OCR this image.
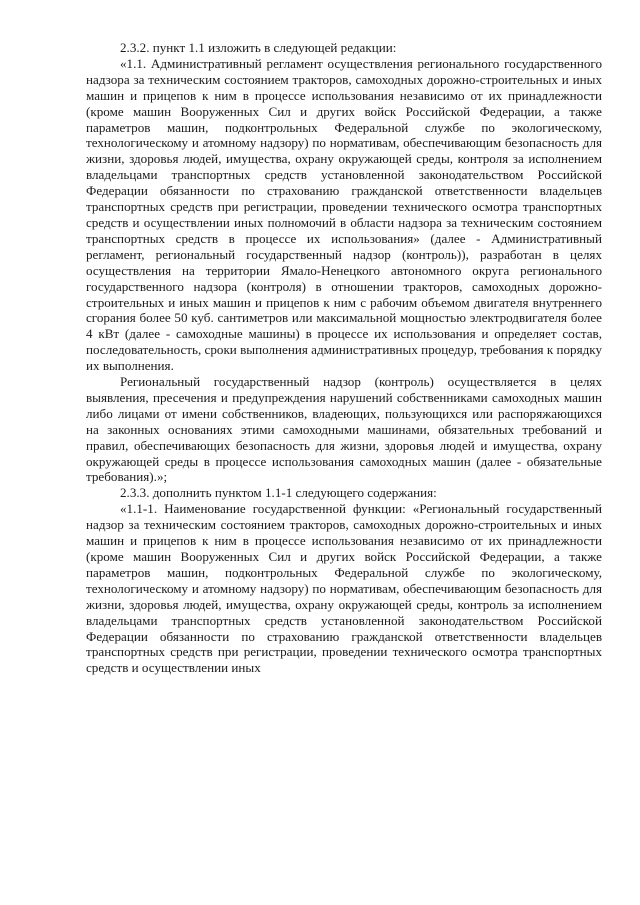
2.3.2. пункт 1.1 изложить в следующей редакции:

«1.1. Административный регламент осуществления регионального государственного надзора за техническим состоянием тракторов, самоходных дорожно-строительных и иных машин и прицепов к ним в процессе использования независимо от их принадлежности (кроме машин Вооруженных Сил и других войск Российской Федерации, а также параметров машин, подконтрольных Федеральной службе по экологическому, технологическому и атомному надзору) по нормативам, обеспечивающим безопасность для жизни, здоровья людей, имущества, охрану окружающей среды, контроля за исполнением владельцами транспортных средств установленной законодательством Российской Федерации обязанности по страхованию гражданской ответственности владельцев транспортных средств при регистрации, проведении технического осмотра транспортных средств и осуществлении иных полномочий в области надзора за техническим состоянием транспортных средств в процессе их использования» (далее - Административный регламент, региональный государственный надзор (контроль)), разработан в целях осуществления на территории Ямало-Ненецкого автономного округа регионального государственного надзора (контроля) в отношении тракторов, самоходных дорожно-строительных и иных машин и прицепов к ним с рабочим объемом двигателя внутреннего сгорания более 50 куб. сантиметров или максимальной мощностью электродвигателя более 4 кВт (далее - самоходные машины) в процессе их использования и определяет состав, последовательность, сроки выполнения административных процедур, требования к порядку их выполнения.

Региональный государственный надзор (контроль) осуществляется в целях выявления, пресечения и предупреждения нарушений собственниками самоходных машин либо лицами от имени собственников, владеющих, пользующихся или распоряжающихся на законных основаниях этими самоходными машинами, обязательных требований и правил, обеспечивающих безопасность для жизни, здоровья людей и имущества, охрану окружающей среды в процессе использования самоходных машин (далее - обязательные требования).»;

2.3.3. дополнить пунктом 1.1-1 следующего содержания:

«1.1-1. Наименование государственной функции: «Региональный государственный надзор за техническим состоянием тракторов, самоходных дорожно-строительных и иных машин и прицепов к ним в процессе использования независимо от их принадлежности (кроме машин Вооруженных Сил и других войск Российской Федерации, а также параметров машин, подконтрольных Федеральной службе по экологическому, технологическому и атомному надзору) по нормативам, обеспечивающим безопасность для жизни, здоровья людей, имущества, охрану окружающей среды, контроль за исполнением владельцами транспортных средств установленной законодательством Российской Федерации обязанности по страхованию гражданской ответственности владельцев транспортных средств при регистрации, проведении технического осмотра транспортных средств и осуществлении иных
